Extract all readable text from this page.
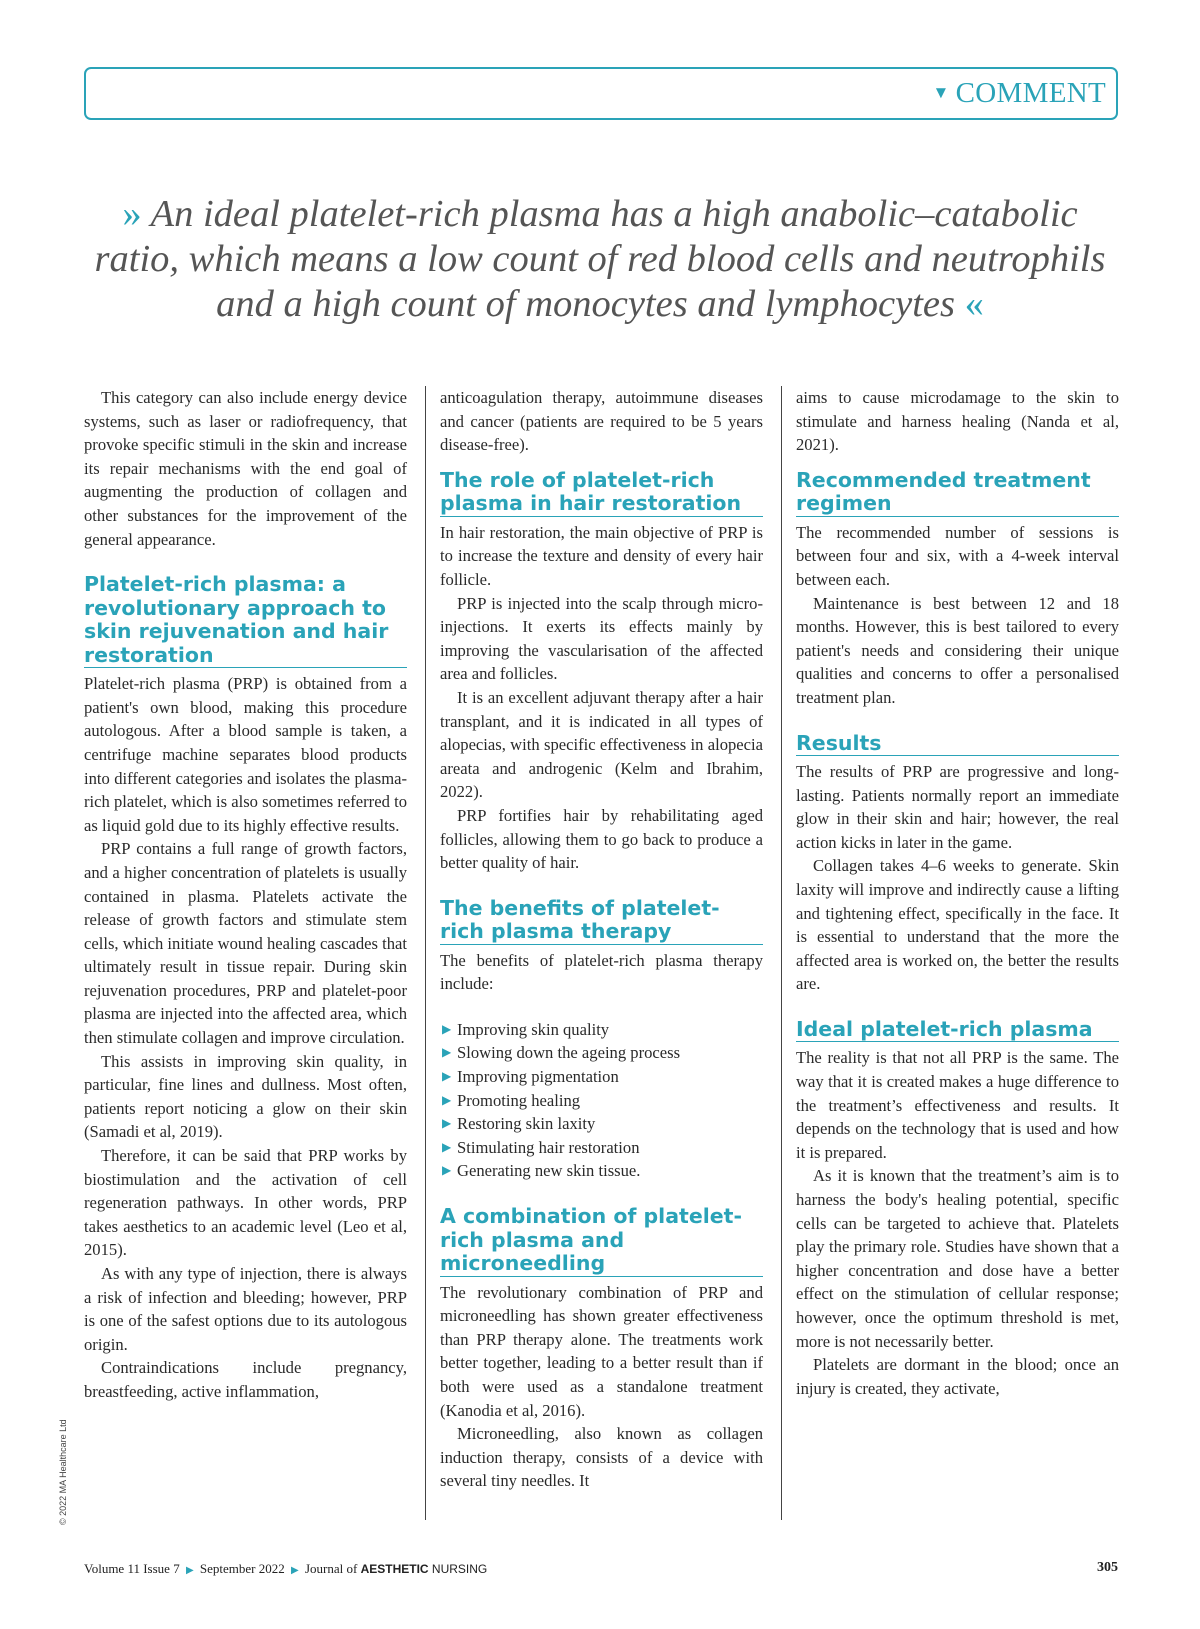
▼ COMMENT
» An ideal platelet-rich plasma has a high anabolic–catabolic ratio, which means a low count of red blood cells and neutrophils and a high count of monocytes and lymphocytes «

This category can also include energy device systems, such as laser or radiofrequency, that provoke specific stimuli in the skin and increase its repair mechanisms with the end goal of augmenting the production of collagen and other substances for the improvement of the general appearance.

Platelet-rich plasma: a revolutionary approach to skin rejuvenation and hair restoration

Platelet-rich plasma (PRP) is obtained from a patient's own blood, making this procedure autologous. After a blood sample is taken, a centrifuge machine separates blood products into different categories and isolates the plasma-rich platelet, which is also sometimes referred to as liquid gold due to its highly effective results.

PRP contains a full range of growth factors, and a higher concentration of platelets is usually contained in plasma. Platelets activate the release of growth factors and stimulate stem cells, which initiate wound healing cascades that ultimately result in tissue repair. During skin rejuvenation procedures, PRP and platelet-poor plasma are injected into the affected area, which then stimulate collagen and improve circulation.

This assists in improving skin quality, in particular, fine lines and dullness. Most often, patients report noticing a glow on their skin (Samadi et al, 2019).

Therefore, it can be said that PRP works by biostimulation and the activation of cell regeneration pathways. In other words, PRP takes aesthetics to an academic level (Leo et al, 2015).

As with any type of injection, there is always a risk of infection and bleeding; however, PRP is one of the safest options due to its autologous origin.

Contraindications include pregnancy, breastfeeding, active inflammation,

anticoagulation therapy, autoimmune diseases and cancer (patients are required to be 5 years disease-free).

The role of platelet-rich plasma in hair restoration

In hair restoration, the main objective of PRP is to increase the texture and density of every hair follicle.

PRP is injected into the scalp through micro-injections. It exerts its effects mainly by improving the vascularisation of the affected area and follicles.

It is an excellent adjuvant therapy after a hair transplant, and it is indicated in all types of alopecias, with specific effectiveness in alopecia areata and androgenic (Kelm and Ibrahim, 2022).

PRP fortifies hair by rehabilitating aged follicles, allowing them to go back to produce a better quality of hair.

The benefits of platelet-rich plasma therapy

The benefits of platelet-rich plasma therapy include:

▶ Improving skin quality
▶ Slowing down the ageing process
▶ Improving pigmentation
▶ Promoting healing
▶ Restoring skin laxity
▶ Stimulating hair restoration
▶ Generating new skin tissue.
A combination of platelet-rich plasma and microneedling

The revolutionary combination of PRP and microneedling has shown greater effectiveness than PRP therapy alone. The treatments work better together, leading to a better result than if both were used as a standalone treatment (Kanodia et al, 2016).

Microneedling, also known as collagen induction therapy, consists of a device with several tiny needles. It

aims to cause microdamage to the skin to stimulate and harness healing (Nanda et al, 2021).

Recommended treatment regimen

The recommended number of sessions is between four and six, with a 4-week interval between each.

Maintenance is best between 12 and 18 months. However, this is best tailored to every patient's needs and considering their unique qualities and concerns to offer a personalised treatment plan.

Results

The results of PRP are progressive and long-lasting. Patients normally report an immediate glow in their skin and hair; however, the real action kicks in later in the game.

Collagen takes 4–6 weeks to generate. Skin laxity will improve and indirectly cause a lifting and tightening effect, specifically in the face. It is essential to understand that the more the affected area is worked on, the better the results are.

Ideal platelet-rich plasma

The reality is that not all PRP is the same. The way that it is created makes a huge difference to the treatment’s effectiveness and results. It depends on the technology that is used and how it is prepared.

As it is known that the treatment’s aim is to harness the body's healing potential, specific cells can be targeted to achieve that. Platelets play the primary role. Studies have shown that a higher concentration and dose have a better effect on the stimulation of cellular response; however, once the optimum threshold is met, more is not necessarily better.

Platelets are dormant in the blood; once an injury is created, they activate,

© 2022 MA Healthcare Ltd
Volume 11 Issue 7 ▶ September 2022 ▶ Journal of AESTHETIC NURSING	305
